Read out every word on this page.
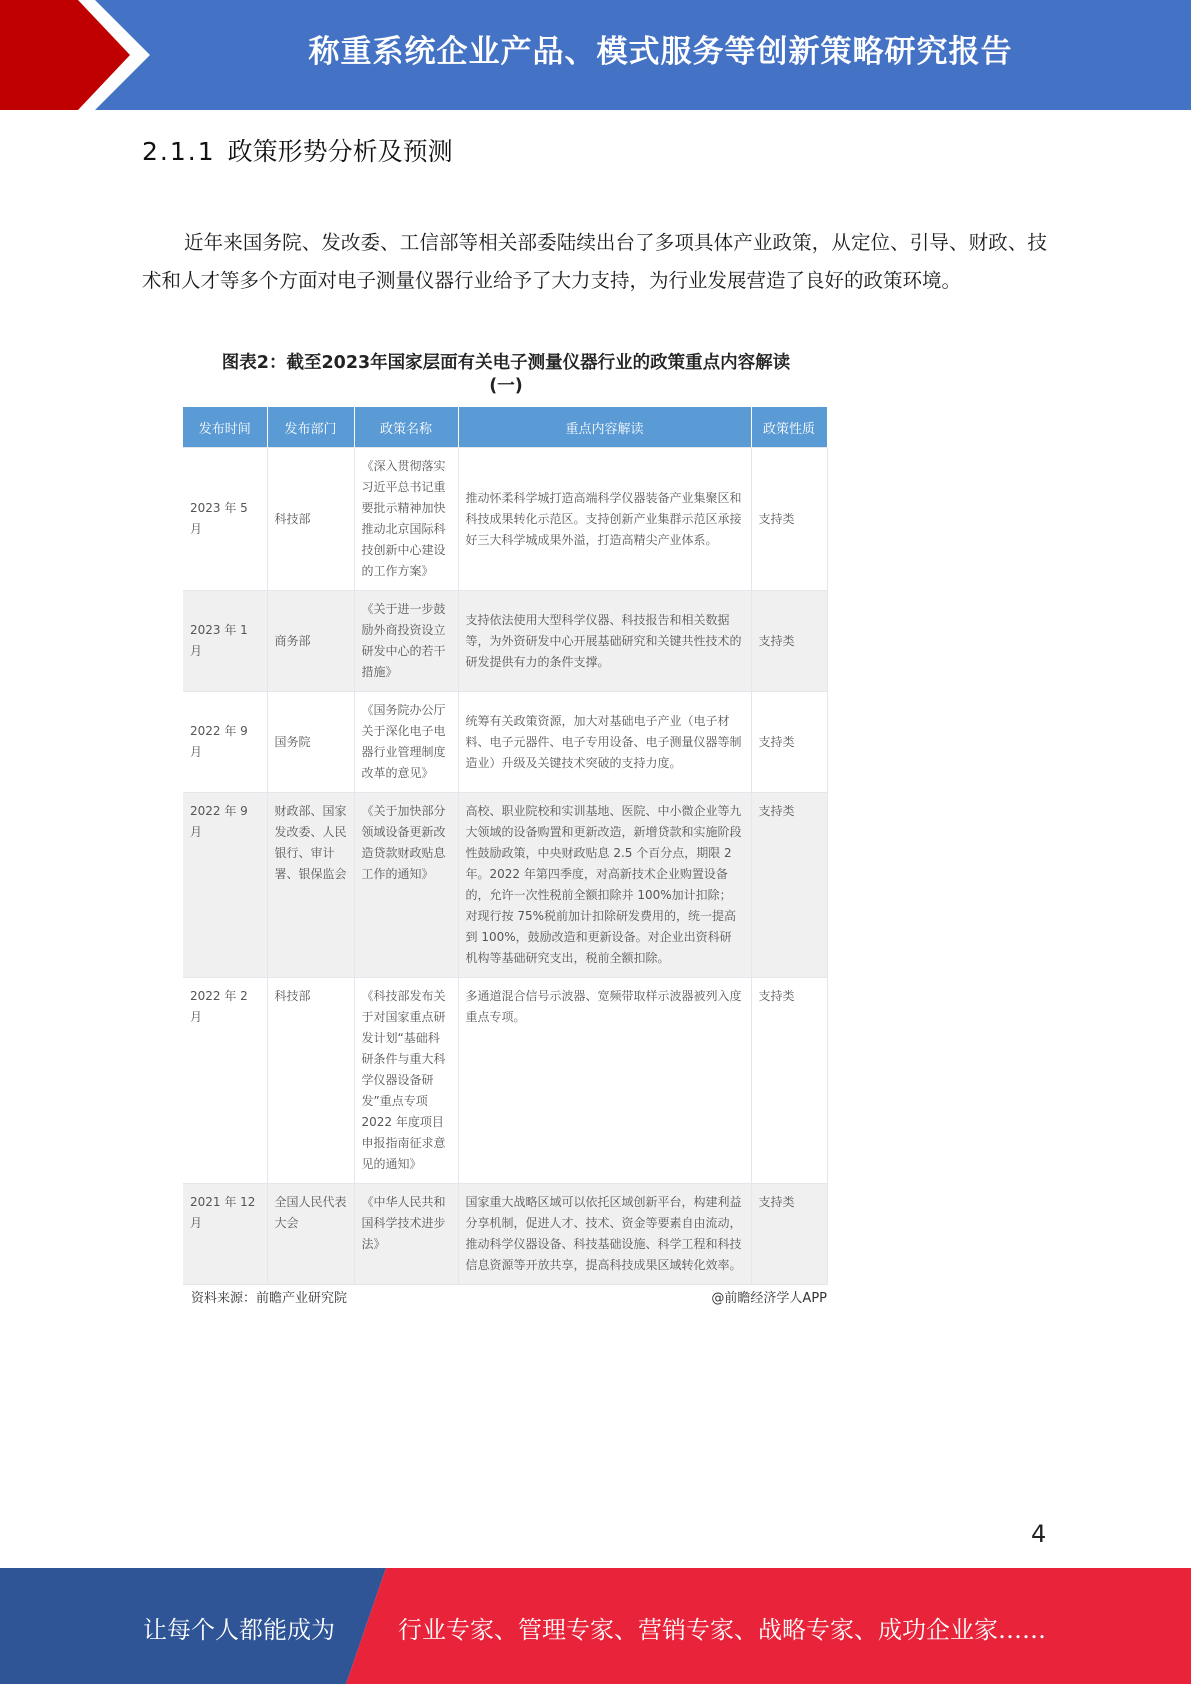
称重系统企业产品、模式服务等创新策略研究报告
2.1.1 政策形势分析及预测

近年来国务院、发改委、工信部等相关部委陆续出台了多项具体产业政策，从定位、引导、财政、技术和人才等多个方面对电子测量仪器行业给予了大力支持，为行业发展营造了良好的政策环境。

图表2：截至2023年国家层面有关电子测量仪器行业的政策重点内容解读
(一)
发布时间	发布部门	政策名称	重点内容解读	政策性质
2023 年 5 月	科技部	《深入贯彻落实习近平总书记重要批示精神加快推动北京国际科技创新中心建设的工作方案》	推动怀柔科学城打造高端科学仪器装备产业集聚区和科技成果转化示范区。支持创新产业集群示范区承接好三大科学城成果外溢，打造高精尖产业体系。	支持类
2023 年 1 月	商务部	《关于进一步鼓励外商投资设立研发中心的若干措施》	支持依法使用大型科学仪器、科技报告和相关数据等，为外资研发中心开展基础研究和关键共性技术的研发提供有力的条件支撑。	支持类
2022 年 9 月	国务院	《国务院办公厅关于深化电子电器行业管理制度改革的意见》	统筹有关政策资源，加大对基础电子产业（电子材料、电子元器件、电子专用设备、电子测量仪器等制造业）升级及关键技术突破的支持力度。	支持类
2022 年 9 月	财政部、国家发改委、人民银行、审计署、银保监会	《关于加快部分领域设备更新改造贷款财政贴息工作的通知》	高校、职业院校和实训基地、医院、中小微企业等九大领域的设备购置和更新改造，新增贷款和实施阶段性鼓励政策，中央财政贴息 2.5 个百分点，期限 2 年。2022 年第四季度，对高新技术企业购置设备的，允许一次性税前全额扣除并 100%加计扣除；对现行按 75%税前加计扣除研发费用的，统一提高到 100%，鼓励改造和更新设备。对企业出资科研机构等基础研究支出，税前全额扣除。	支持类
2022 年 2 月	科技部	《科技部发布关于对国家重点研发计划“基础科研条件与重大科学仪器设备研发”重点专项 2022 年度项目申报指南征求意见的通知》	多通道混合信号示波器、宽频带取样示波器被列入度重点专项。	支持类
2021 年 12 月	全国人民代表大会	《中华人民共和国科学技术进步法》	国家重大战略区域可以依托区域创新平台，构建利益分享机制，促进人才、技术、资金等要素自由流动，推动科学仪器设备、科技基础设施、科学工程和科技信息资源等开放共享，提高科技成果区域转化效率。	支持类
资料来源：前瞻产业研究院	@前瞻经济学人APP
4
让每个人都能成为	行业专家、管理专家、营销专家、战略专家、成功企业家……
